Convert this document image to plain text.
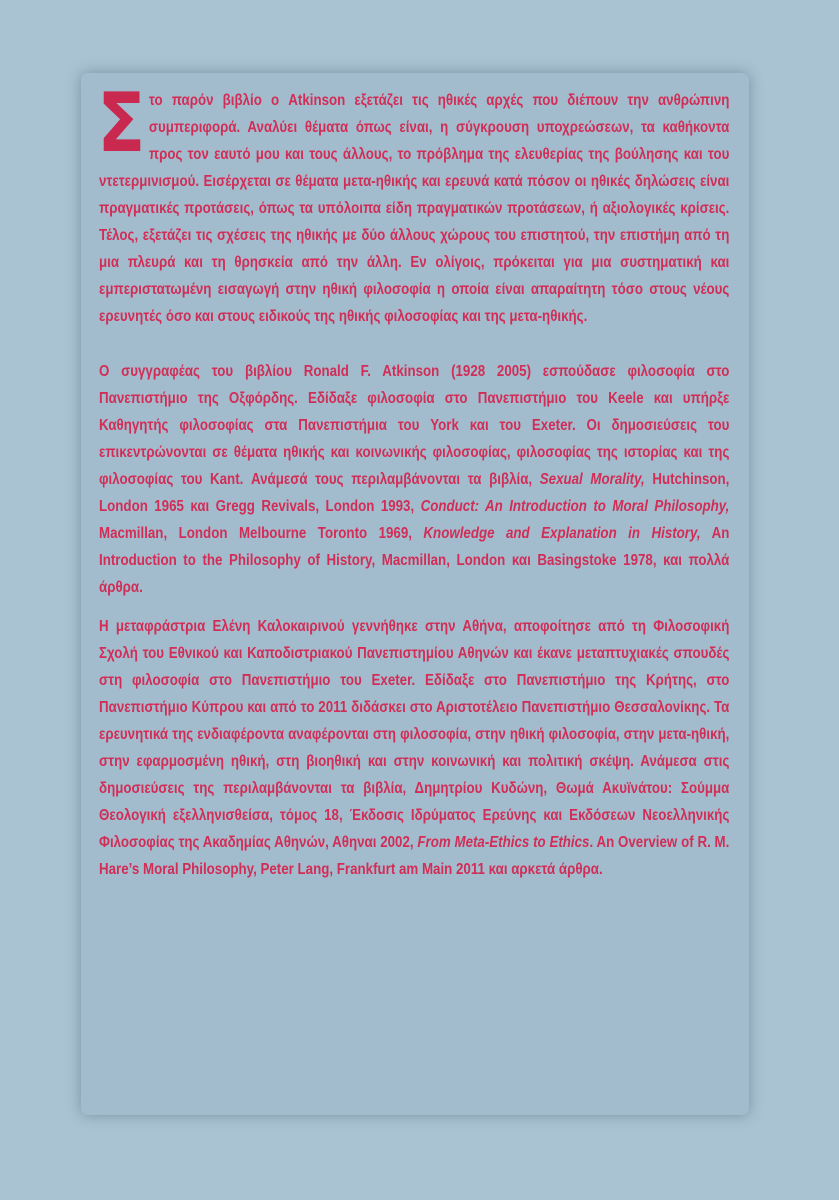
Στο παρόν βιβλίο ο Atkinson εξετάζει τις ηθικές αρχές που διέπουν την ανθρώπινη συμπεριφορά. Αναλύει θέματα όπως είναι, η σύγκρουση υποχρεώσεων, τα καθήκοντα προς τον εαυτό μου και τους άλλους, το πρόβλημα της ελευθερίας της βούλησης και του ντετερμινισμού. Εισέρχεται σε θέματα μετα-ηθικής και ερευνά κατά πόσον οι ηθικές δηλώσεις είναι πραγματικές προτάσεις, όπως τα υπόλοιπα είδη πραγματικών προτάσεων, ή αξιολογικές κρίσεις. Τέλος, εξετάζει τις σχέσεις της ηθικής με δύο άλλους χώρους του επιστητού, την επιστήμη από τη μια πλευρά και τη θρησκεία από την άλλη. Εν ολίγοις, πρόκειται για μια συστηματική και εμπεριστατωμένη εισαγωγή στην ηθική φιλοσοφία η οποία είναι απαραίτητη τόσο στους νέους ερευνητές όσο και στους ειδικούς της ηθικής φιλοσοφίας και της μετα-ηθικής.

Ο συγγραφέας του βιβλίου Ronald F. Atkinson (1928 2005) εσπούδασε φιλοσοφία στο Πανεπιστήμιο της Οξφόρδης. Εδίδαξε φιλοσοφία στο Πανεπιστήμιο του Keele και υπήρξε Καθηγητής φιλοσοφίας στα Πανεπιστήμια του York και του Exeter. Οι δημοσιεύσεις του επικεντρώνονται σε θέματα ηθικής και κοινωνικής φιλοσοφίας, φιλοσοφίας της ιστορίας και της φιλοσοφίας του Kant. Ανάμεσά τους περιλαμβάνονται τα βιβλία, Sexual Morality, Hutchinson, London 1965 και Gregg Revivals, London 1993, Conduct: An Introduction to Moral Philosophy, Macmillan, London Melbourne Toronto 1969, Knowledge and Explanation in History, An Introduction to the Philosophy of History, Macmillan, London και Basingstoke 1978, και πολλά άρθρα.

Η μεταφράστρια Ελένη Καλοκαιρινού γεννήθηκε στην Αθήνα, αποφοίτησε από τη Φιλοσοφική Σχολή του Εθνικού και Καποδιστριακού Πανεπιστημίου Αθηνών και έκανε μεταπτυχιακές σπουδές στη φιλοσοφία στο Πανεπιστήμιο του Exeter. Εδίδαξε στο Πανεπιστήμιο της Κρήτης, στο Πανεπιστήμιο Κύπρου και από το 2011 διδάσκει στο Αριστοτέλειο Πανεπιστήμιο Θεσσαλονίκης. Τα ερευνητικά της ενδιαφέροντα αναφέρονται στη φιλοσοφία, στην ηθική φιλοσοφία, στην μετα-ηθική, στην εφαρμοσμένη ηθική, στη βιοηθική και στην κοινωνική και πολιτική σκέψη. Ανάμεσα στις δημοσιεύσεις της περιλαμβάνονται τα βιβλία, Δημητρίου Κυδώνη, Θωμά Ακυϊνάτου: Σούμμα Θεολογική εξελληνισθείσα, τόμος 18, Έκδοσις Ιδρύματος Ερεύνης και Εκδόσεων Νεοελληνικής Φιλοσοφίας της Ακαδημίας Αθηνών, Αθηναι 2002, From Meta-Ethics to Ethics. An Overview of R. M. Hare’s Moral Philosophy, Peter Lang, Frankfurt am Main 2011 και αρκετά άρθρα.
